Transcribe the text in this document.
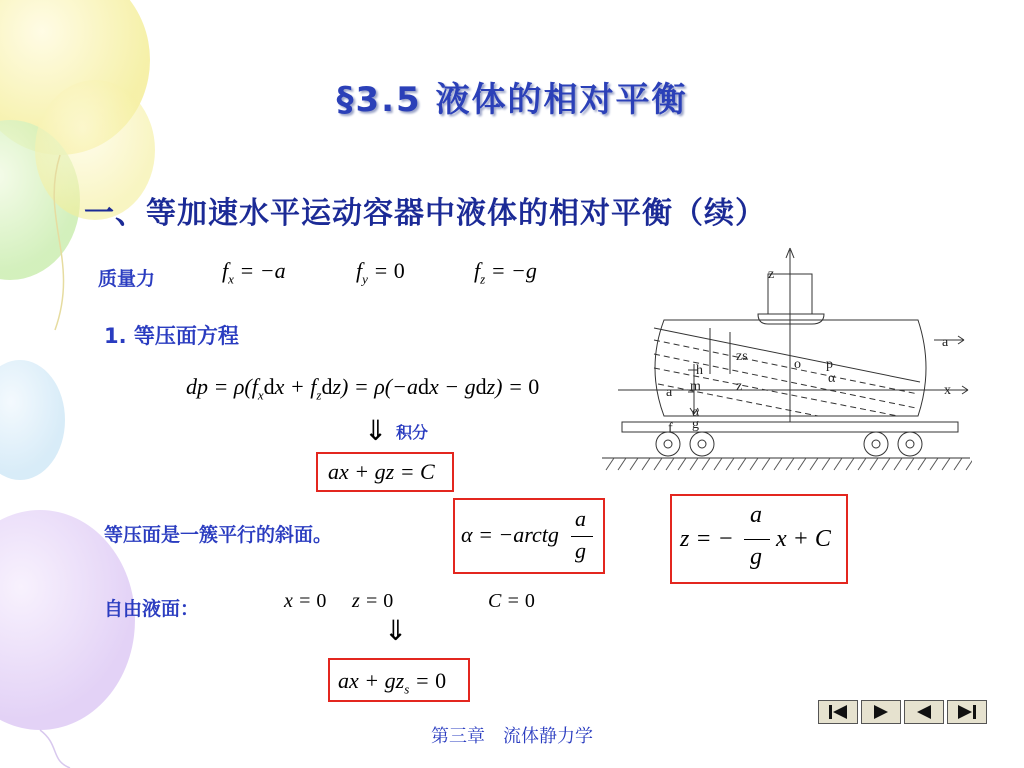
§3.5 液体的相对平衡
一、等加速水平运动容器中液体的相对平衡（续）
质量力	$f_x = -a$	$f_y = 0$	$f_z = -g$
1. 等压面方程
dp = $\rho(f_xdx + f_zdz) = \rho(-adx - gdz) = 0$
⇓ 积分
ax + gz = C
等压面是一簇平行的斜面。	α = −arctg
a
g	z = −
a
g
x + C
自由液面：	x = 0 z = 0	C = 0
⇓
ax + $gz_s = 0$
z
a
x
zs
o p
α
h
m	z
a
α
g
f
第三章　流体静力学
